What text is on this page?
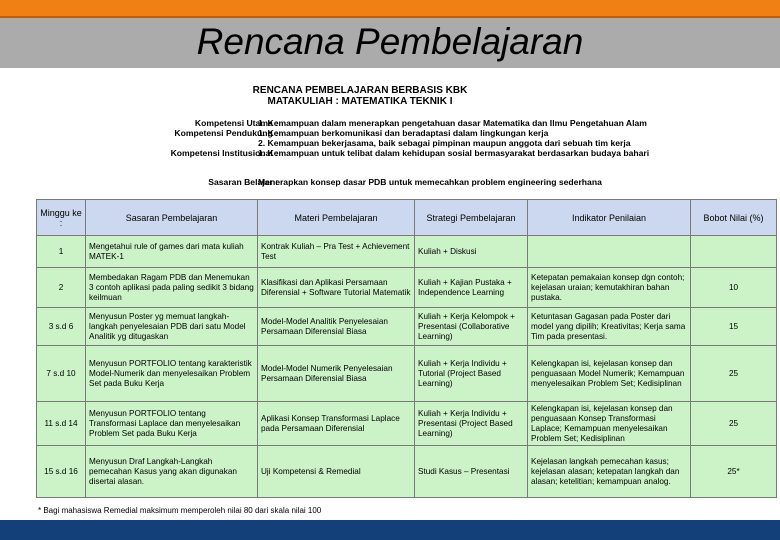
Rencana Pembelajaran
RENCANA PEMBELAJARAN BERBASIS KBK
MATAKULIAH : MATEMATIKA TEKNIK I
Kompetensi Utama :
1. Kemampuan dalam menerapkan pengetahuan dasar Matematika dan Ilmu Pengetahuan Alam
Kompetensi Pendukung :
1. Kemampuan berkomunikasi dan beradaptasi dalam lingkungan kerja
2. Kemampuan bekerjasama, baik sebagai pimpinan maupun anggota dari sebuah tim kerja
Kompetensi Institusional :
1. Kemampuan untuk telibat dalam kehidupan sosial bermasyarakat berdasarkan budaya bahari
Sasaran Belajar :
Menerapkan konsep dasar PDB untuk memecahkan problem engineering sederhana
Minggu ke :	Sasaran Pembelajaran	Materi Pembelajaran	Strategi Pembelajaran	Indikator Penilaian	Bobot Nilai (%)
1	Mengetahui rule of games dari mata kuliah MATEK-1	Kontrak Kuliah – Pra Test + Achievement Test	Kuliah + Diskusi		
2	Membedakan Ragam PDB dan Menemukan 3 contoh aplikasi pada paling sedikit 3 bidang keilmuan	Klasifikasi dan Aplikasi Persamaan Diferensial + Software Tutorial Matematik	Kuliah + Kajian Pustaka + Independence Learning	Ketepatan pemakaian konsep dgn contoh; kejelasan uraian; kemutakhiran bahan pustaka.	10
3 s.d 6	Menyusun Poster yg memuat langkah-langkah penyelesaian PDB dari satu Model Analitik yg ditugaskan	Model-Model Analitik Penyelesaian Persamaan Diferensial Biasa	Kuliah + Kerja Kelompok + Presentasi (Collaborative Learning)	Ketuntasan Gagasan pada Poster dari model yang dipilih; Kreativitas; Kerja sama Tim pada presentasi.	15
7 s.d 10	Menyusun PORTFOLIO tentang karakteristik Model-Numerik dan menyelesaikan Problem Set pada Buku Kerja	Model-Model Numerik Penyelesaian Persamaan Diferensial Biasa	Kuliah + Kerja Individu + Tutorial (Project Based Learning)	Kelengkapan isi, kejelasan konsep dan penguasaan Model Numerik; Kemampuan menyelesaikan Problem Set; Kedisiplinan	25
11 s.d 14	Menyusun PORTFOLIO tentang Transformasi Laplace dan menyelesaikan Problem Set pada Buku Kerja	Aplikasi Konsep Transformasi Laplace pada Persamaan Diferensial	Kuliah + Kerja Individu + Presentasi (Project Based Learning)	Kelengkapan isi, kejelasan konsep dan penguasaan Konsep Transformasi Laplace; Kemampuan menyelesaikan Problem Set; Kedisiplinan	25
15 s.d 16	Menyusun Draf Langkah-Langkah pemecahan Kasus yang akan digunakan disertai alasan.	Uji Kompetensi & Remedial	Studi Kasus – Presentasi	Kejelasan langkah pemecahan kasus; kejelasan alasan; ketepatan langkah dan alasan; ketelitian; kemampuan analog.	25*
* Bagi mahasiswa Remedial maksimum memperoleh nilai 80 dari skala nilai 100
